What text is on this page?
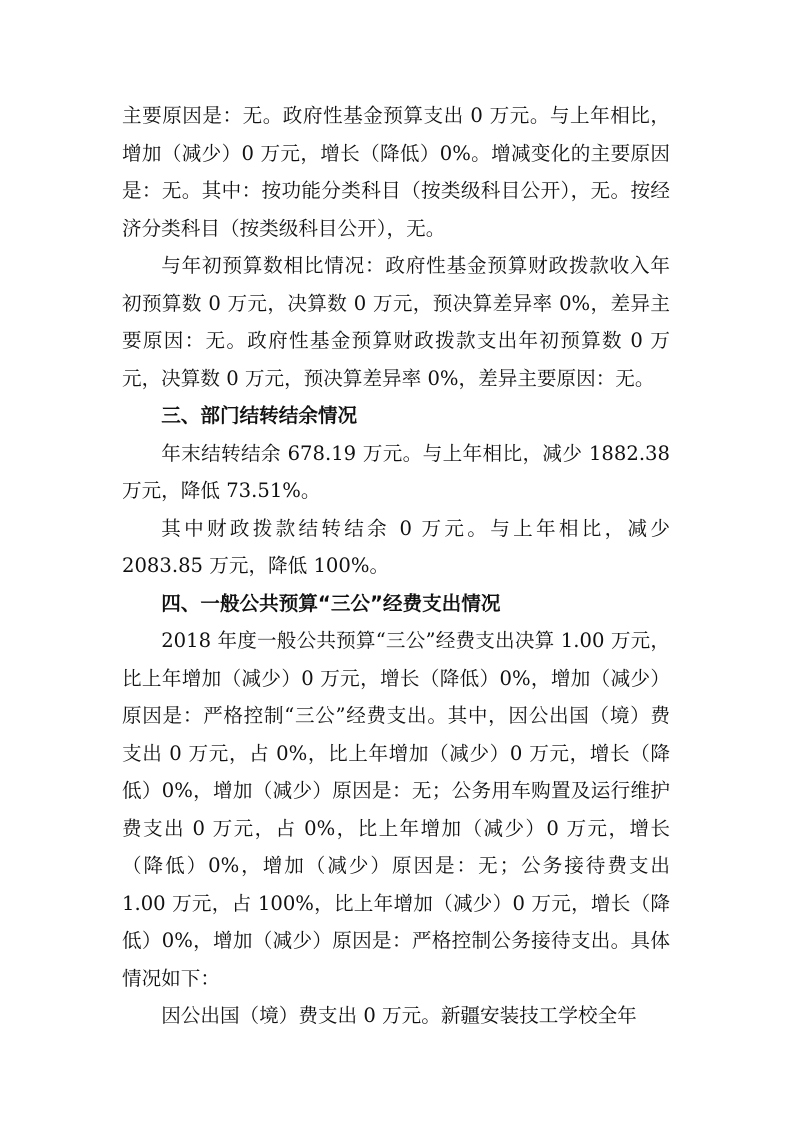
主要原因是：无。政府性基金预算支出 0 万元。与上年相比，增加（减少）0 万元，增长（降低）0%。增减变化的主要原因是：无。其中：按功能分类科目（按类级科目公开），无。按经济分类科目（按类级科目公开），无。

与年初预算数相比情况：政府性基金预算财政拨款收入年初预算数 0 万元，决算数 0 万元，预决算差异率 0%，差异主要原因：无。政府性基金预算财政拨款支出年初预算数 0 万元，决算数 0 万元，预决算差异率 0%，差异主要原因：无。

三、部门结转结余情况

年末结转结余 678.19 万元。与上年相比，减少 1882.38 万元，降低 73.51%。

其中财政拨款结转结余 0 万元。与上年相比，减少 2083.85 万元，降低 100%。

四、一般公共预算“三公”经费支出情况

2018 年度一般公共预算“三公”经费支出决算 1.00 万元，比上年增加（减少）0 万元，增长（降低）0%，增加（减少）原因是：严格控制“三公”经费支出。其中，因公出国（境）费支出 0 万元，占 0%，比上年增加（减少）0 万元，增长（降低）0%，增加（减少）原因是：无；公务用车购置及运行维护费支出 0 万元，占 0%，比上年增加（减少）0 万元，增长（降低）0%，增加（减少）原因是：无；公务接待费支出 1.00 万元，占 100%，比上年增加（减少）0 万元，增长（降低）0%，增加（减少）原因是：严格控制公务接待支出。具体情况如下：

因公出国（境）费支出 0 万元。新疆安装技工学校全年
